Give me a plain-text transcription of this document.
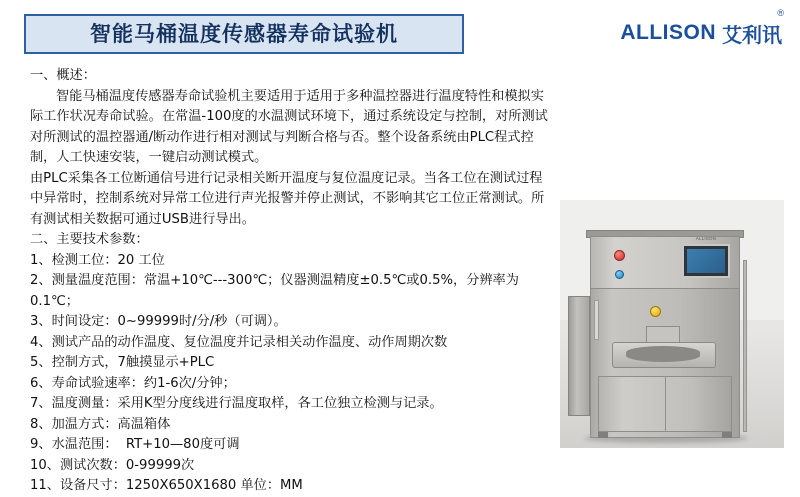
智能马桶温度传感器寿命试验机	ALLISON 艾利讯
®

一、概述：

智能马桶温度传感器寿命试验机主要适用于适用于多种温控器进行温度特性和模拟实际工作状况寿命试验。在常温-100度的水温测试环境下，通过系统设定与控制，对所测试对所测试的温控器通/断动作进行相对测试与判断合格与否。整个设备系统由PLC程式控制，人工快速安装，一键启动测试模式。

由PLC采集各工位断通信号进行记录相关断开温度与复位温度记录。当各工位在测试过程中异常时，控制系统对异常工位进行声光报警并停止测试，不影响其它工位正常测试。所有测试相关数据可通过USB进行导出。

二、主要技术参数：

1、检测工位：20 工位

2、测量温度范围：常温+10℃---300℃；仪器测温精度±0.5℃或0.5%，分辨率为0.1℃；

3、时间设定：0~99999时/分/秒（可调）。

4、测试产品的动作温度、复位温度并记录相关动作温度、动作周期次数

5、控制方式，7触摸显示+PLC

6、寿命试验速率：约1-6次/分钟；

7、温度测量：采用K型分度线进行温度取样，各工位独立检测与记录。

8、加温方式：高温箱体

9、水温范围：  RT+10—80度可调

10、测试次数：0-99999次

11、设备尺寸：1250X650X1680 单位：MM

ALLISON
